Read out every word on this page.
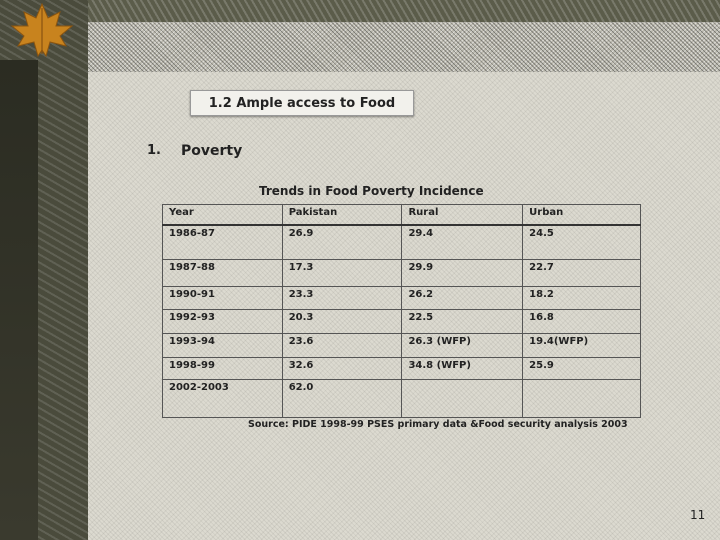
1.2 Ample access to Food
1. Poverty
Trends in Food Poverty Incidence
Year	Pakistan	Rural	Urban
1986-87	26.9	29.4	24.5
1987-88	17.3	29.9	22.7
1990-91	23.3	26.2	18.2
1992-93	20.3	22.5	16.8
1993-94	23.6	26.3 (WFP)	19.4(WFP)
1998-99	32.6	34.8 (WFP)	25.9
2002-2003	62.0		
Source: PIDE 1998-99 PSES primary data &Food security analysis 2003
11
